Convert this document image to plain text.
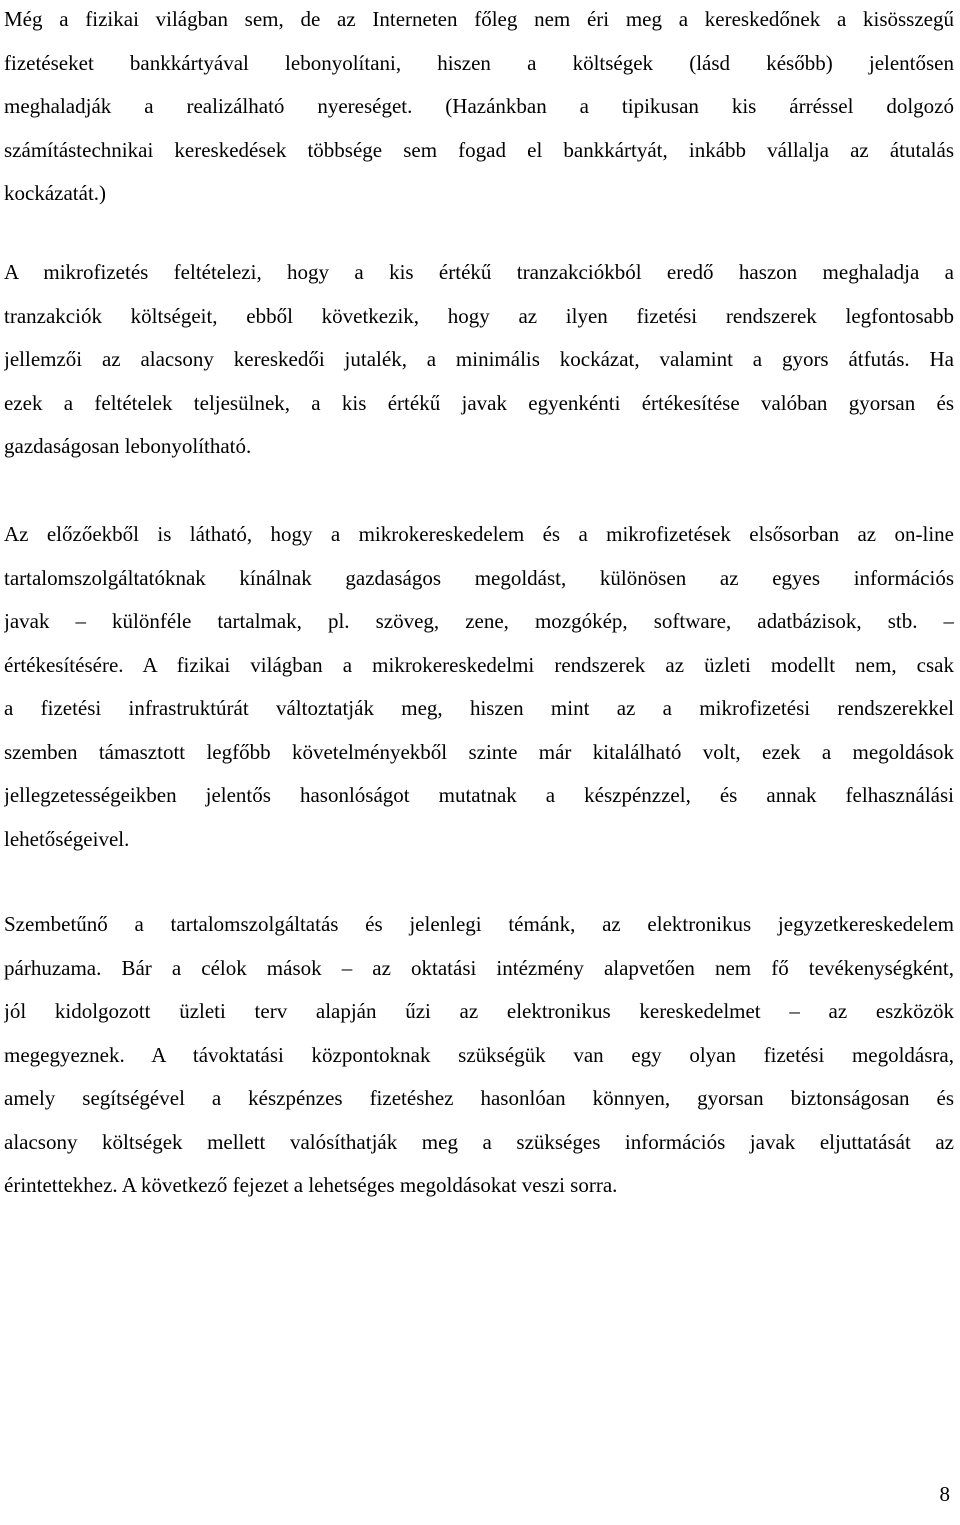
Még a fizikai világban sem, de az Interneten főleg nem éri meg a kereskedőnek a kisösszegű
fizetéseket bankkártyával lebonyolítani, hiszen a költségek (lásd később) jelentősen
meghaladják a realizálható nyereséget. (Hazánkban a tipikusan kis árréssel dolgozó
számítástechnikai kereskedések többsége sem fogad el bankkártyát, inkább vállalja az átutalás
kockázatát.)
A mikrofizetés feltételezi, hogy a kis értékű tranzakciókból eredő haszon meghaladja a
tranzakciók költségeit, ebből következik, hogy az ilyen fizetési rendszerek legfontosabb
jellemzői az alacsony kereskedői jutalék, a minimális kockázat, valamint a gyors átfutás. Ha
ezek a feltételek teljesülnek, a kis értékű javak egyenkénti értékesítése valóban gyorsan és
gazdaságosan lebonyolítható.
Az előzőekből is látható, hogy a mikrokereskedelem és a mikrofizetések elsősorban az on-line
tartalomszolgáltatóknak kínálnak gazdaságos megoldást, különösen az egyes információs
javak – különféle tartalmak, pl. szöveg, zene, mozgókép, software, adatbázisok, stb. –
értékesítésére. A fizikai világban a mikrokereskedelmi rendszerek az üzleti modellt nem, csak
a fizetési infrastruktúrát változtatják meg, hiszen mint az a mikrofizetési rendszerekkel
szemben támasztott legfőbb követelményekből szinte már kitalálható volt, ezek a megoldások
jellegzetességeikben jelentős hasonlóságot mutatnak a készpénzzel, és annak felhasználási
lehetőségeivel.
Szembetűnő a tartalomszolgáltatás és jelenlegi témánk, az elektronikus jegyzetkereskedelem
párhuzama. Bár a célok mások – az oktatási intézmény alapvetően nem fő tevékenységként,
jól kidolgozott üzleti terv alapján űzi az elektronikus kereskedelmet – az eszközök
megegyeznek. A távoktatási központoknak szükségük van egy olyan fizetési megoldásra,
amely segítségével a készpénzes fizetéshez hasonlóan könnyen, gyorsan biztonságosan és
alacsony költségek mellett valósíthatják meg a szükséges információs javak eljuttatását az
érintettekhez. A következő fejezet a lehetséges megoldásokat veszi sorra.
8
